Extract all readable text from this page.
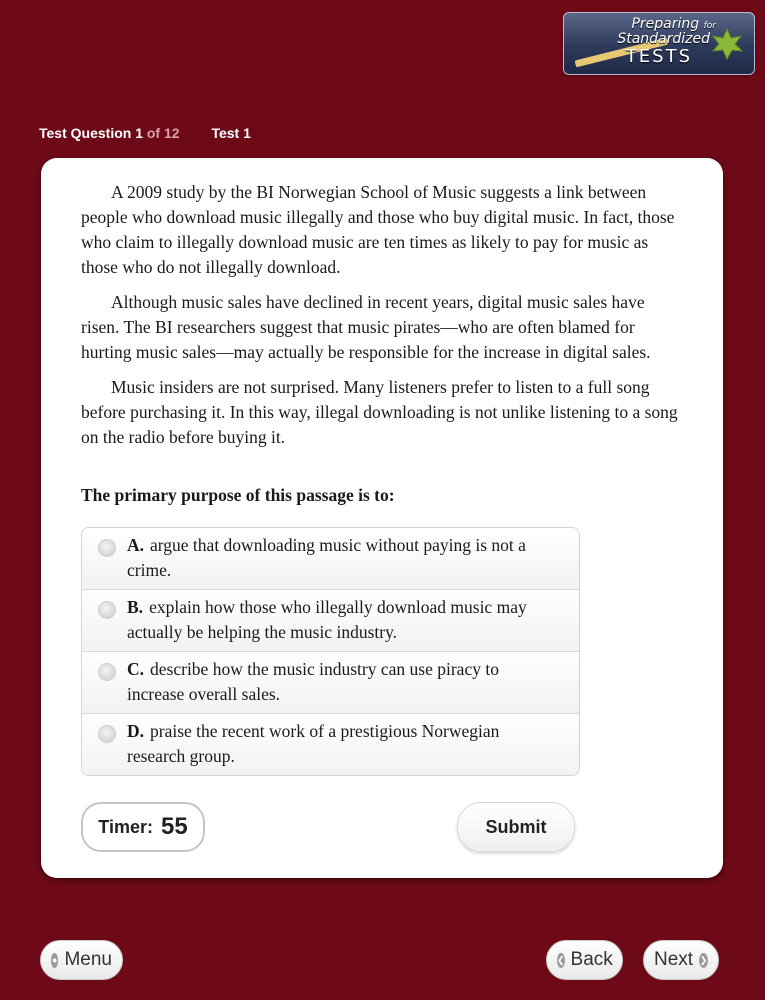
Preparing for
Standardized
TESTS
Test Question 1 of 12 Test 1

A 2009 study by the BI Norwegian School of Music suggests a link between people who download music illegally and those who buy digital music. In fact, those who claim to illegally download music are ten times as likely to pay for music as those who do not illegally download.

Although music sales have declined in recent years, digital music sales have risen. The BI researchers suggest that music pirates—who are often blamed for hurting music sales—may actually be responsible for the increase in digital sales.

Music insiders are not surprised. Many listeners prefer to listen to a full song before purchasing it. In this way, illegal downloading is not unlike listening to a song on the radio before buying it.

The primary purpose of this passage is to:
A. argue that downloading music without paying is not a crime.
B. explain how those who illegally download music may actually be helping the music industry.
C. describe how the music industry can use piracy to increase overall sales.
D. praise the recent work of a prestigious Norwegian research group.
Timer: 55	Submit
● Menu	❮ Back Next ❯
